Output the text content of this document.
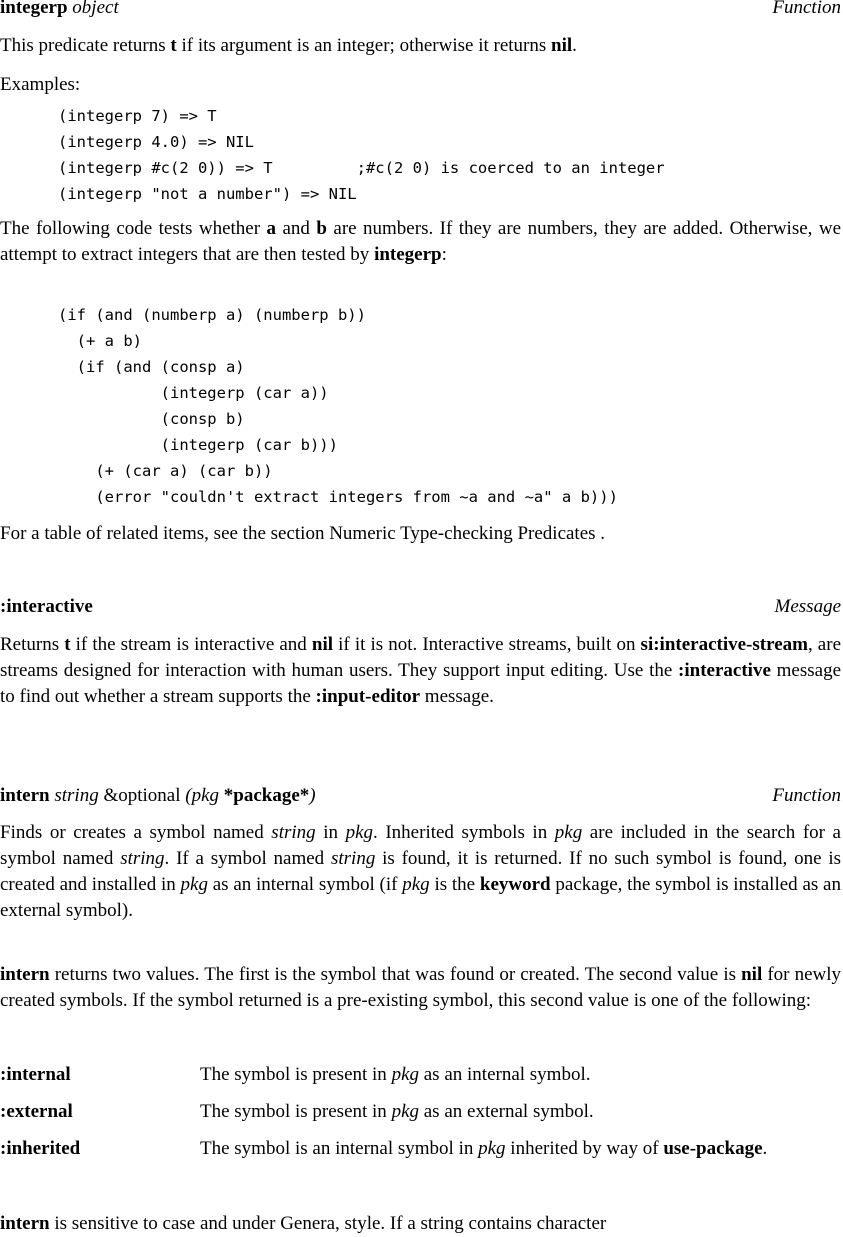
integerp object	Function

This predicate returns t if its argument is an integer; otherwise it returns nil.

Examples:

(integerp 7) => T
(integerp 4.0) => NIL
(integerp #c(2 0)) => T         ;#c(2 0) is coerced to an integer
(integerp "not a number") => NIL

The following code tests whether a and b are numbers. If they are numbers, they are added. Otherwise, we attempt to extract integers that are then tested by integerp:

(if (and (numberp a) (numberp b))
(+ a b)
(if (and (consp a)
(integerp (car a))
(consp b)
(integerp (car b)))
(+ (car a) (car b))
(error "couldn't extract integers from ~a and ~a" a b)))

For a table of related items, see the section Numeric Type-checking Predicates .

:interactive	Message

Returns t if the stream is interactive and nil if it is not. Interactive streams, built on si:interactive-stream, are streams designed for interaction with human users. They support input editing. Use the :interactive message to find out whether a stream supports the :input-editor message.

intern string &optional (pkg *package*)	Function

Finds or creates a symbol named string in pkg. Inherited symbols in pkg are included in the search for a symbol named string. If a symbol named string is found, it is returned. If no such symbol is found, one is created and installed in pkg as an internal symbol (if pkg is the keyword package, the symbol is installed as an external symbol).

intern returns two values. The first is the symbol that was found or created. The second value is nil for newly created symbols. If the symbol returned is a pre-existing symbol, this second value is one of the following:

:internal	The symbol is present in pkg as an internal symbol.
:external	The symbol is present in pkg as an external symbol.
:inherited	The symbol is an internal symbol in pkg inherited by way of use-package.

intern is sensitive to case and under Genera, style. If a string contains character
